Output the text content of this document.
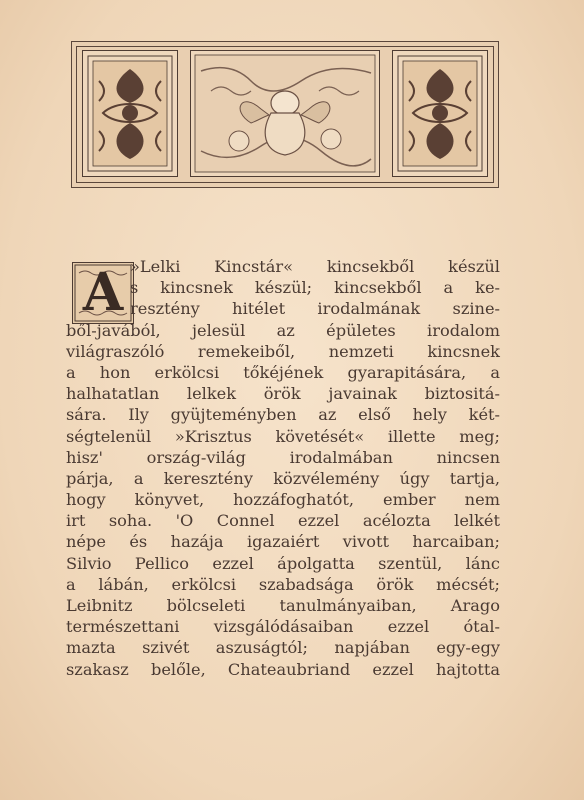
A »Lelki Kincstár« kincsekből készül
s kincsnek készül; kincsekből a ke-
resztény hitélet irodalmának szine-
ből-javából, jelesül az épületes irodalom
világraszóló remekeiből, nemzeti kincsnek
a hon erkölcsi tőkéjének gyarapitására, a
halhatatlan lelkek örök javainak biztositá-
sára. Ily gyüjteményben az első hely két-
ségtelenül »Krisztus követését« illette meg;
hisz' ország-világ irodalmában nincsen
párja, a keresztény közvélemény úgy tartja,
hogy könyvet, hozzáfoghatót, ember nem
irt soha. 'O Connel ezzel acélozta lelkét
népe és hazája igazaiért vivott harcaiban;
Silvio Pellico ezzel ápolgatta szentül, lánc
a lábán, erkölcsi szabadsága örök mécsét;
Leibnitz bölcseleti tanulmányaiban, Arago
természettani vizsgálódásaiban ezzel ótal-
mazta szivét aszuságtól; napjában egy-egy
szakasz belőle, Chateaubriand ezzel hajtotta
